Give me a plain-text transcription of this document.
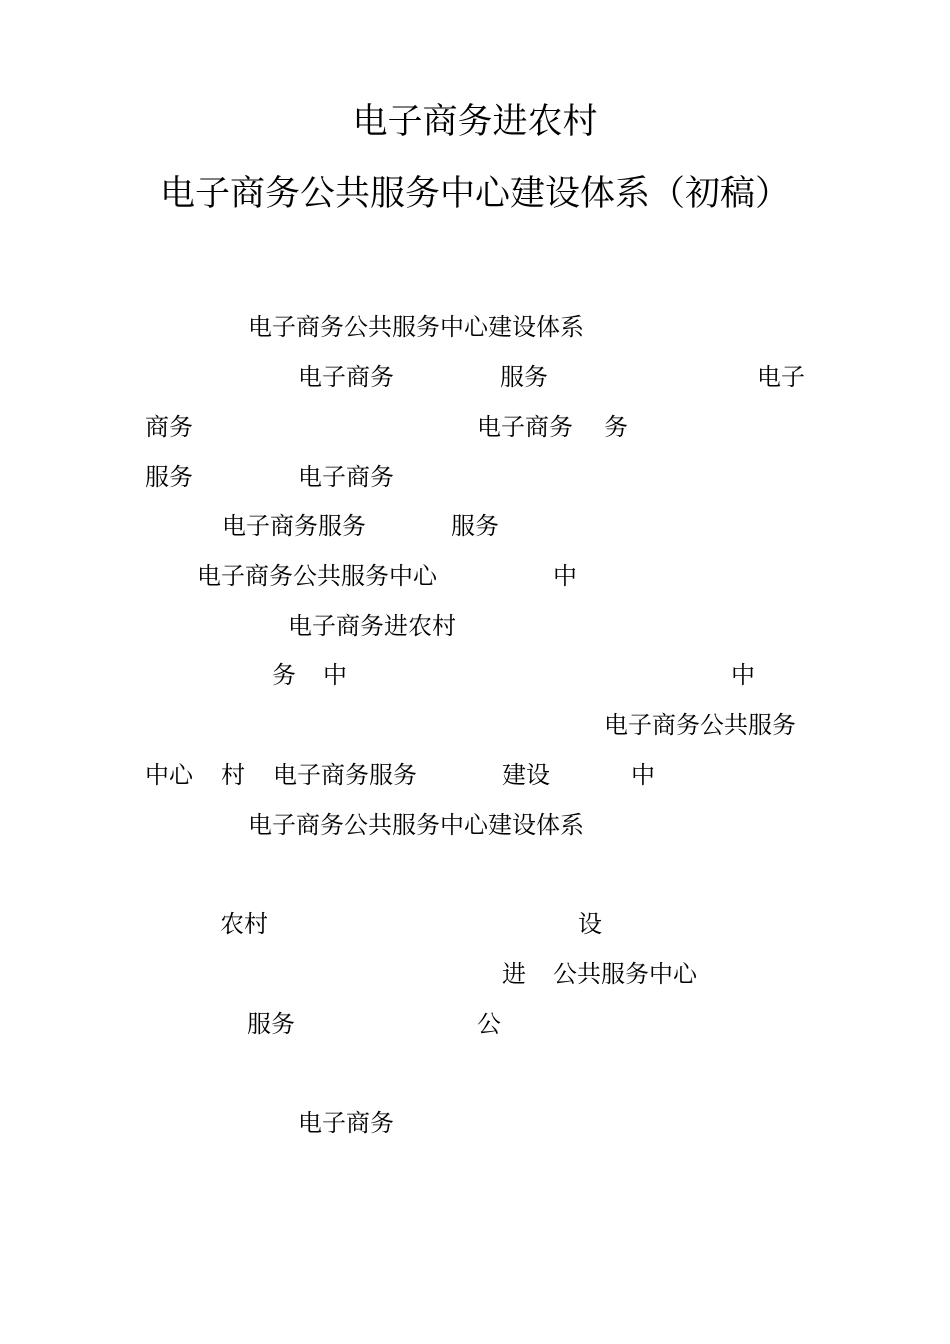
电子商务进农村
电子商务公共服务中心建设体系（初稿）
电子商务公共服务中心建设体系
电子商务	服务	电子
商务	电子商务 务
服务	电子商务
电子商务服务	服务
电子商务公共服务中心	中
电子商务进农村
务 中	中
电子商务公共服务
中心 村 电子商务服务	建设	中
电子商务公共服务中心建设体系
农村	设
进 公共服务中心
服务	公
电子商务
